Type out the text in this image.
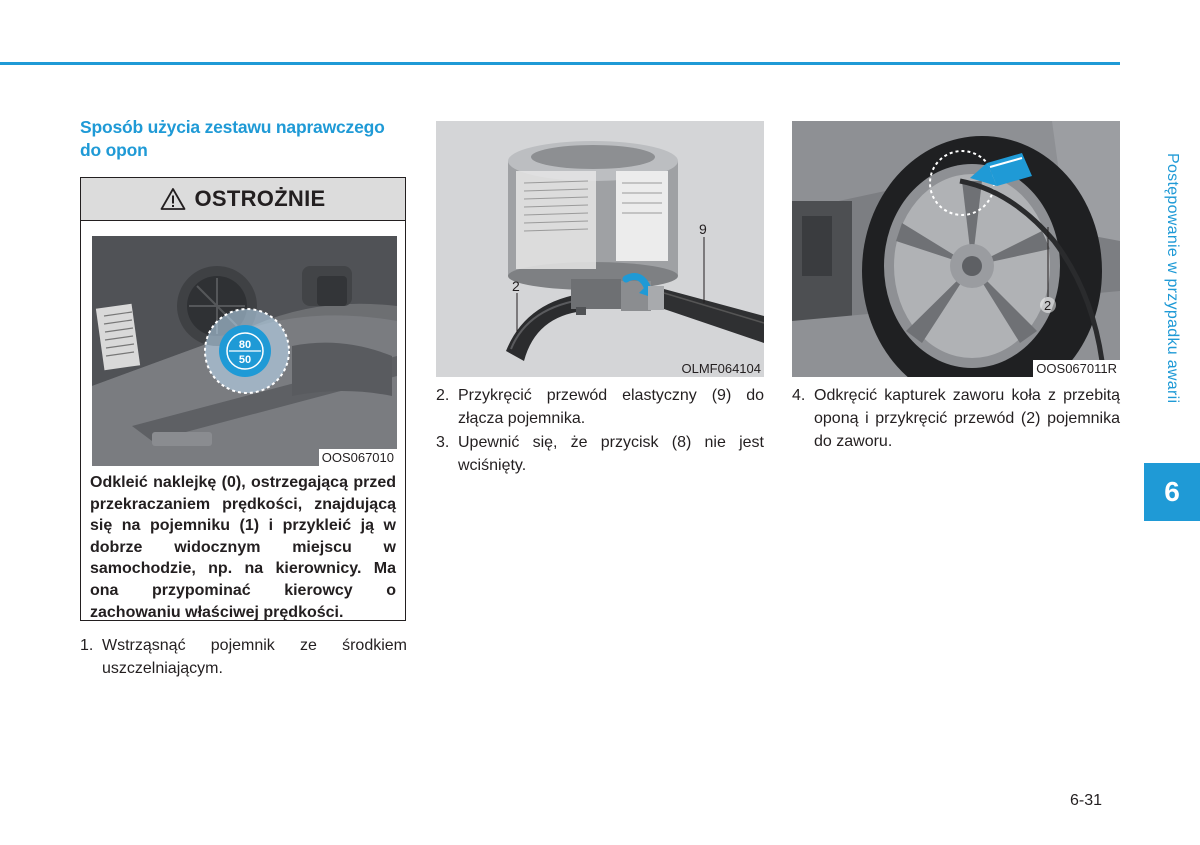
Sposób użycia zestawu naprawczego do opon
OSTROŻNIE
80
50
OOS067010
Odkleić naklejkę (0), ostrzegającą przed przekraczaniem prędkości, znajdującą się na pojemniku (1) i przykleić ją w dobrze widocznym miejscu w samochodzie, np. na kierownicy. Ma ona przypominać kierowcy o zachowaniu właściwej prędkości.
1. Wstrząsnąć pojemnik ze środkiem uszczelniającym.
2
9
OLMF064104
2. Przykręcić przewód elastyczny (9) do złącza pojemnika.
3. Upewnić się, że przycisk (8) nie jest wciśnięty.
2
OOS067011R
4. Odkręcić kapturek zaworu koła z przebitą oponą i przykręcić przewód (2) pojemnika do zaworu.
Postępowanie w przypadku awarii
6
6-31
